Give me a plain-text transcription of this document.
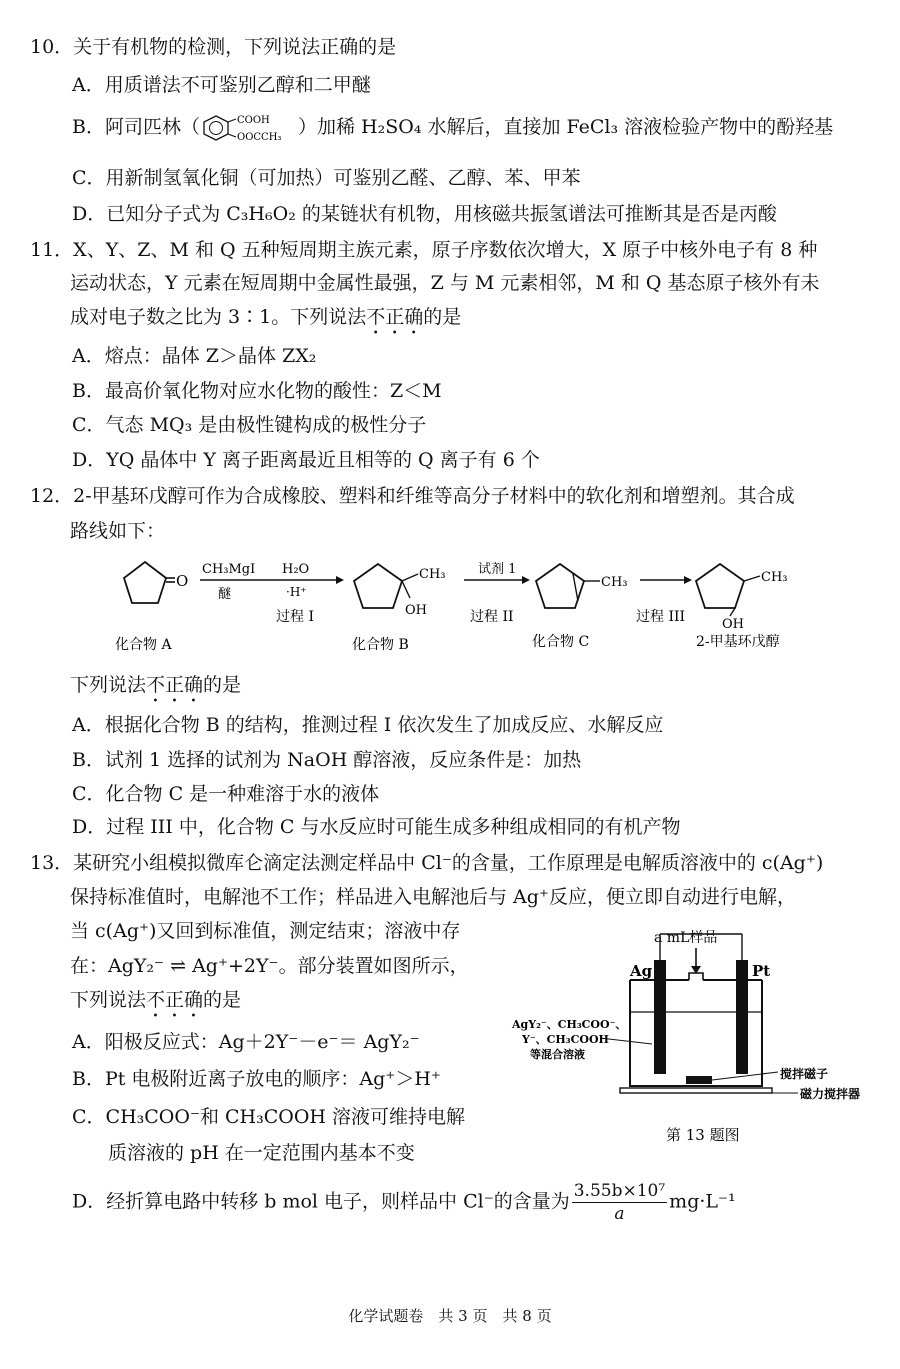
10．关于有机物的检测，下列说法正确的是
A．用质谱法不可鉴别乙醇和二甲醚
B．阿司匹林（	COOH
OOCCH₃ ）加稀 H₂SO₄ 水解后，直接加 FeCl₃ 溶液检验产物中的酚羟基
C．用新制氢氧化铜（可加热）可鉴别乙醛、乙醇、苯、甲苯
D．已知分子式为 C₃H₆O₂ 的某链状有机物，用核磁共振氢谱法可推断其是否是丙酸
11．X、Y、Z、M 和 Q 五种短周期主族元素，原子序数依次增大，X 原子中核外电子有 8 种
运动状态，Y 元素在短周期中金属性最强，Z 与 M 元素相邻，M 和 Q 基态原子核外有未
成对电子数之比为 3∶1。下列说法不正确的是
A．熔点：晶体 Z＞晶体 ZX₂
B．最高价氧化物对应水化物的酸性：Z＜M
C．气态 MQ₃ 是由极性键构成的极性分子
D．YQ 晶体中 Y 离子距离最近且相等的 Q 离子有 6 个
12．2-甲基环戊醇可作为合成橡胶、塑料和纤维等高分子材料中的软化剂和增塑剂。其合成
路线如下：
O
CH₃MgI
醚
H₂O
·H⁺
过程 I
CH₃
OH
试剂 1
过程 II
CH₃
过程 III
CH₃
OH
化合物 A	化合物 B	化合物 C	2-甲基环戊醇
下列说法不正确的是
A．根据化合物 B 的结构，推测过程 I 依次发生了加成反应、水解反应
B．试剂 1 选择的试剂为 NaOH 醇溶液，反应条件是：加热
C．化合物 C 是一种难溶于水的液体
D．过程 III 中，化合物 C 与水反应时可能生成多种组成相同的有机产物
13．某研究小组模拟微库仑滴定法测定样品中 Cl⁻的含量，工作原理是电解质溶液中的 c(Ag⁺)
保持标准值时，电解池不工作；样品进入电解池后与 Ag⁺反应，便立即自动进行电解，
当 c(Ag⁺)又回到标准值，测定结束；溶液中存
在：AgY₂⁻ ⇌ Ag⁺+2Y⁻。部分装置如图所示，
下列说法不正确的是
A．阳极反应式：Ag＋2Y⁻－e⁻＝ AgY₂⁻
B．Pt 电极附近离子放电的顺序：Ag⁺＞H⁺
C．CH₃COO⁻和 CH₃COOH 溶液可维持电解
质溶液的 pH 在一定范围内基本不变
D．经折算电路中转移 b mol 电子，则样品中 Cl⁻的含量为 $\frac{\text{3.55b×10⁷}}{a} mg\cdot L^{-1}$
a mL样品
Ag	Pt
AgY₂⁻、CH₃COO⁻、
Y⁻、CH₃COOH
等混合溶液
搅拌磁子
磁力搅拌器
第 13 题图
化学试题卷　共 3 页　共 8 页
